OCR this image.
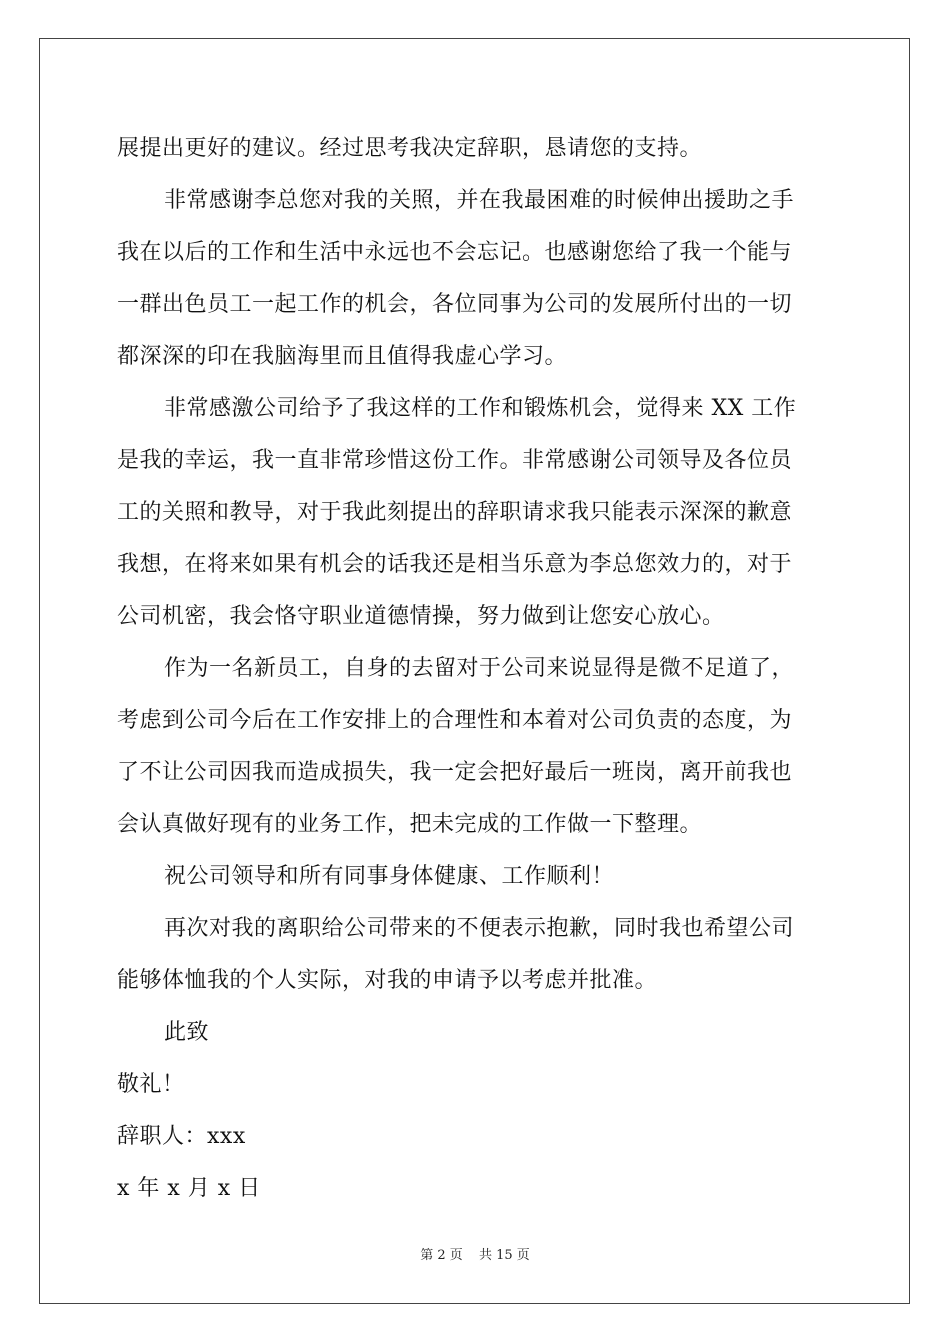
展提出更好的建议。经过思考我决定辞职，恳请您的支持。
非常感谢李总您对我的关照，并在我最困难的时候伸出援助之手
我在以后的工作和生活中永远也不会忘记。也感谢您给了我一个能与
一群出色员工一起工作的机会，各位同事为公司的发展所付出的一切
都深深的印在我脑海里而且值得我虚心学习。
非常感激公司给予了我这样的工作和锻炼机会，觉得来 XX 工作
是我的幸运，我一直非常珍惜这份工作。非常感谢公司领导及各位员
工的关照和教导，对于我此刻提出的辞职请求我只能表示深深的歉意
我想，在将来如果有机会的话我还是相当乐意为李总您效力的，对于
公司机密，我会恪守职业道德情操，努力做到让您安心放心。
作为一名新员工，自身的去留对于公司来说显得是微不足道了，
考虑到公司今后在工作安排上的合理性和本着对公司负责的态度，为
了不让公司因我而造成损失，我一定会把好最后一班岗，离开前我也
会认真做好现有的业务工作，把未完成的工作做一下整理。
祝公司领导和所有同事身体健康、工作顺利！
再次对我的离职给公司带来的不便表示抱歉，同时我也希望公司
能够体恤我的个人实际，对我的申请予以考虑并批准。
此致
敬礼！
辞职人：xxx
x 年 x 月 x 日
第 2 页 共 15 页
